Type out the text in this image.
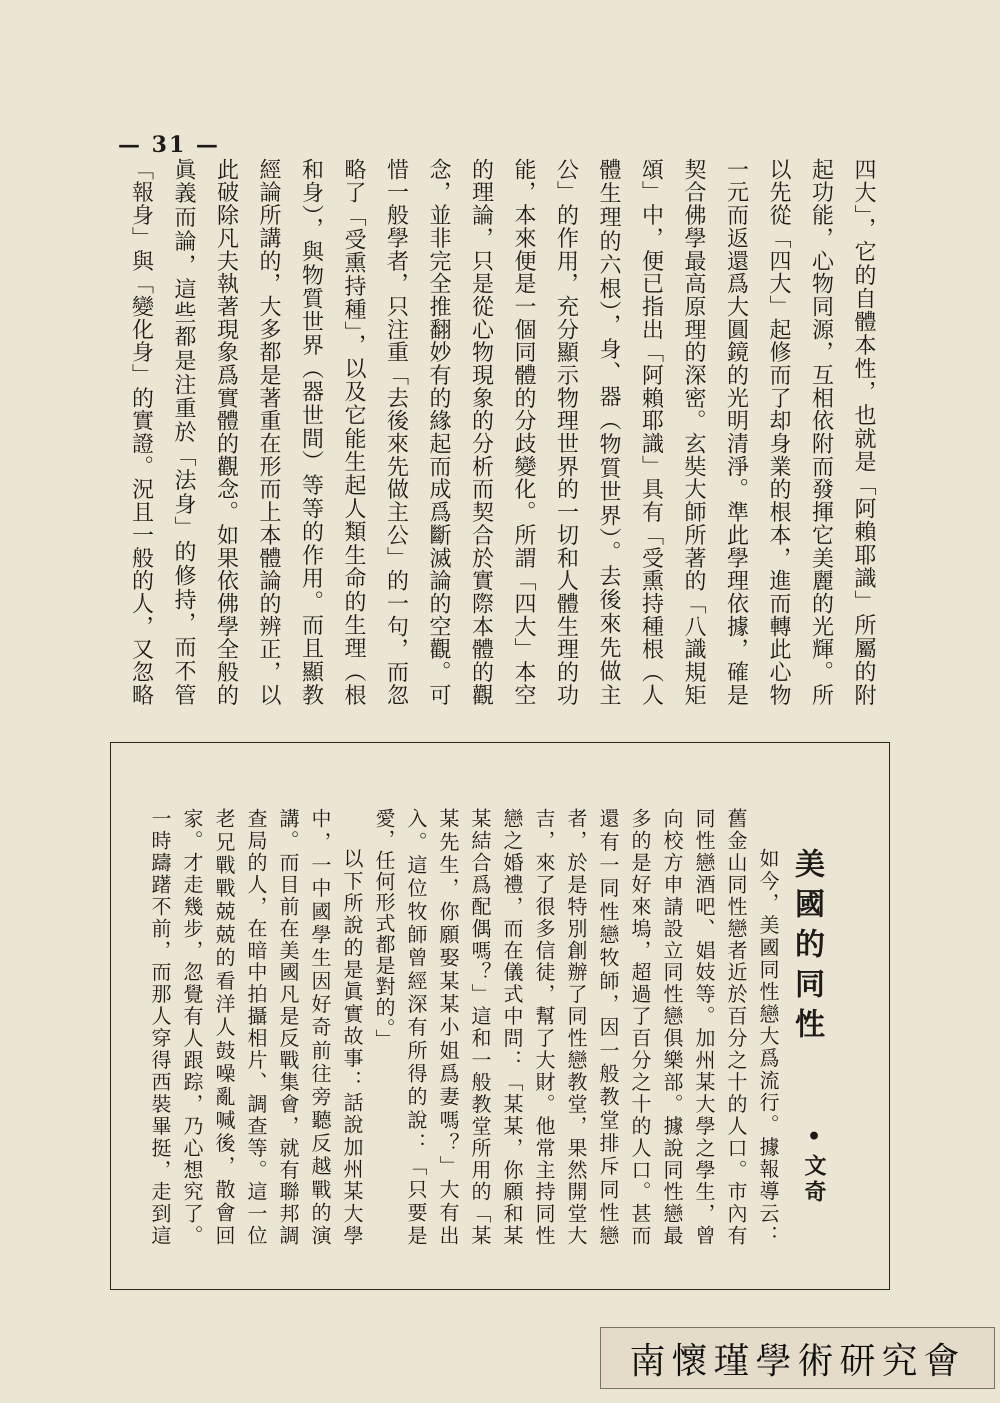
— 31 —

四大」，它的自體本性，也就是「阿賴耶識」所屬的附起功能，心物同源，互相依附而發揮它美麗的光輝。所以先從「四大」起修而了却身業的根本，進而轉此心物一元而返還爲大圓鏡的光明清淨。準此學理依據，確是契合佛學最高原理的深密。玄奘大師所著的「八識規矩頌」中，便已指出「阿賴耶識」具有「受熏持種根（人體生理的六根），身、器（物質世界）。去後來先做主公」的作用，充分顯示物理世界的一切和人體生理的功能，本來便是一個同體的分歧變化。所謂「四大」本空的理論，只是從心物現象的分析而契合於實際本體的觀念，並非完全推翻妙有的緣起而成爲斷滅論的空觀。可惜一般學者，只注重「去後來先做主公」的一句，而忽略了「受熏持種」，以及它能生起人類生命的生理（根和身），與物質世界（器世間）等等的作用。而且顯教經論所講的，大多都是著重在形而上本體論的辨正，以此破除凡夫執著現象爲實體的觀念。如果依佛學全般的眞義而論，這些都是注重於「法身」的修持，而不管「報身」與「變化身」的實證。況且一般的人，又忽略

美國的同性
•文奇

如今，美國同性戀大爲流行。據報導云：舊金山同性戀者近於百分之十的人口。市內有同性戀酒吧、娼妓等。加州某大學之學生，曾向校方申請設立同性戀俱樂部。據說同性戀最多的是好來塢，超過了百分之十的人口。甚而還有一同性戀牧師，因一般教堂排斥同性戀者，於是特別創辦了同性戀教堂，果然開堂大吉，來了很多信徒，幫了大財。他常主持同性戀之婚禮，而在儀式中問：「某某，你願和某某結合爲配偶嗎？」這和一般教堂所用的「某某先生，你願娶某某小姐爲妻嗎？」大有出入。這位牧師曾經深有所得的說：「只要是愛，任何形式都是對的。」

以下所說的是眞實故事：話說加州某大學中，一中國學生因好奇前往旁聽反越戰的演講。而目前在美國凡是反戰集會，就有聯邦調查局的人，在暗中拍攝相片、調查等。這一位老兄戰戰兢兢的看洋人鼓噪亂喊後，散會回家。才走幾步，忽覺有人跟踪，乃心想究了。一時躊躇不前，而那人穿得西裝畢挺，走到這

南懷瑾學術研究會
